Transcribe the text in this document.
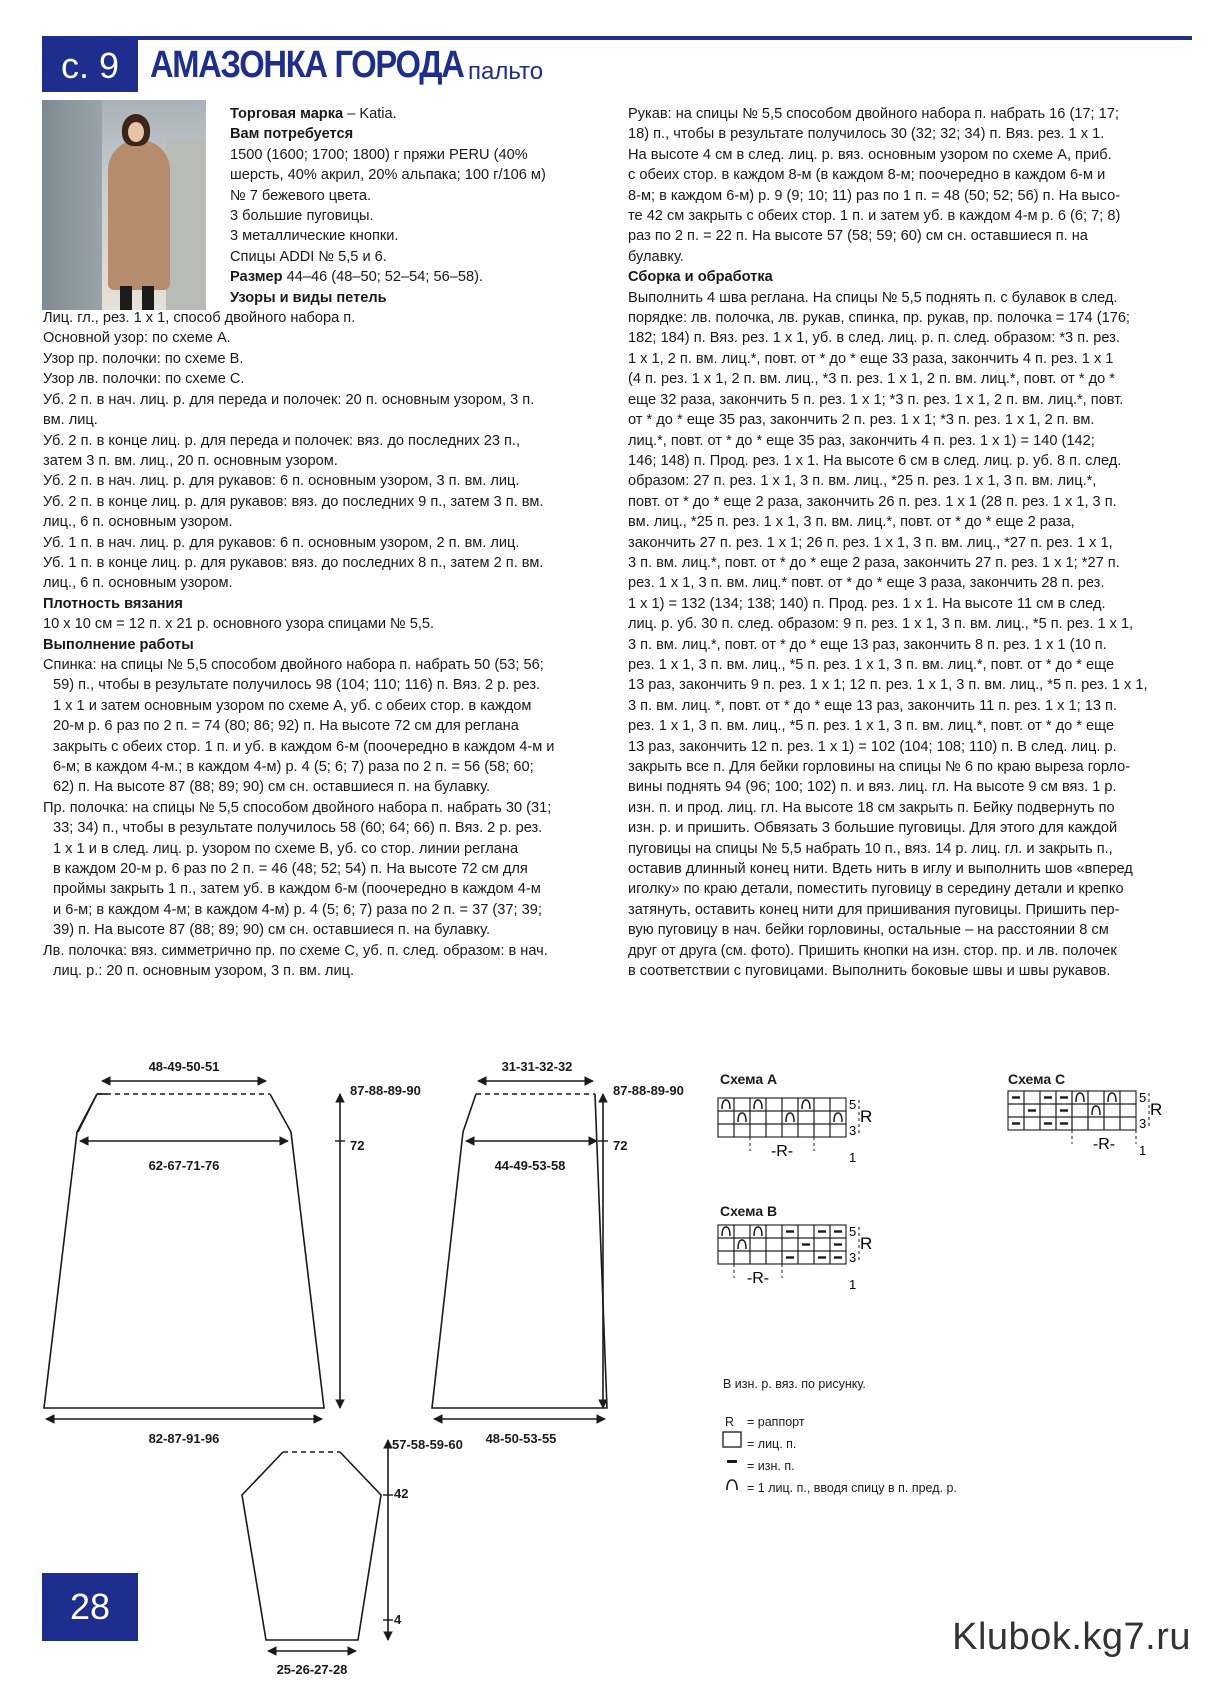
с. 9 АМАЗОНКА ГОРОДА пальто
Торговая марка – Katia.
Вам потребуется
1500 (1600; 1700; 1800) г пряжи PERU (40%
шерсть, 40% акрил, 20% альпака; 100 г/106 м)
№ 7 бежевого цвета.
3 большие пуговицы.
3 металлические кнопки.
Спицы ADDI № 5,5 и 6.
Размер 44–46 (48–50; 52–54; 56–58).
Узоры и виды петель
Лиц. гл., рез. 1 х 1, способ двойного набора п.
Основной узор: по схеме А.
Узор пр. полочки: по схеме B.
Узор лв. полочки: по схеме С.
Уб. 2 п. в нач. лиц. р. для переда и полочек: 20 п. основным узором, 3 п.
вм. лиц.
Уб. 2 п. в конце лиц. р. для переда и полочек: вяз. до последних 23 п.,
затем 3 п. вм. лиц., 20 п. основным узором.
Уб. 2 п. в нач. лиц. р. для рукавов: 6 п. основным узором, 3 п. вм. лиц.
Уб. 2 п. в конце лиц. р. для рукавов: вяз. до последних 9 п., затем 3 п. вм.
лиц., 6 п. основным узором.
Уб. 1 п. в нач. лиц. р. для рукавов: 6 п. основным узором, 2 п. вм. лиц.
Уб. 1 п. в конце лиц. р. для рукавов: вяз. до последних 8 п., затем 2 п. вм.
лиц., 6 п. основным узором.
Плотность вязания
10 х 10 см = 12 п. х 21 р. основного узора спицами № 5,5.
Выполнение работы
Спинка: на спицы № 5,5 способом двойного набора п. набрать 50 (53; 56;
59) п., чтобы в результате получилось 98 (104; 110; 116) п. Вяз. 2 р. рез.
1 х 1 и затем основным узором по схеме А, уб. с обеих стор. в каждом
20-м р. 6 раз по 2 п. = 74 (80; 86; 92) п. На высоте 72 см для реглана
закрыть с обеих стор. 1 п. и уб. в каждом 6-м (поочередно в каждом 4-м и
6-м; в каждом 4-м.; в каждом 4-м) р. 4 (5; 6; 7) раза по 2 п. = 56 (58; 60;
62) п. На высоте 87 (88; 89; 90) см сн. оставшиеся п. на булавку.
Пр. полочка: на спицы № 5,5 способом двойного набора п. набрать 30 (31;
33; 34) п., чтобы в результате получилось 58 (60; 64; 66) п. Вяз. 2 р. рез.
1 х 1 и в след. лиц. р. узором по схеме В, уб. со стор. линии реглана
в каждом 20-м р. 6 раз по 2 п. = 46 (48; 52; 54) п. На высоте 72 см для
проймы закрыть 1 п., затем уб. в каждом 6-м (поочередно в каждом 4-м
и 6-м; в каждом 4-м; в каждом 4-м) р. 4 (5; 6; 7) раза по 2 п. = 37 (37; 39;
39) п. На высоте 87 (88; 89; 90) см сн. оставшиеся п. на булавку.
Лв. полочка: вяз. симметрично пр. по схеме С, уб. п. след. образом: в нач.
лиц. р.: 20 п. основным узором, 3 п. вм. лиц.
Рукав: на спицы № 5,5 способом двойного набора п. набрать 16 (17; 17;
18) п., чтобы в результате получилось 30 (32; 32; 34) п. Вяз. рез. 1 х 1.
На высоте 4 см в след. лиц. р. вяз. основным узором по схеме А, приб.
с обеих стор. в каждом 8-м (в каждом 8-м; поочередно в каждом 6-м и
8-м; в каждом 6-м) р. 9 (9; 10; 11) раз по 1 п. = 48 (50; 52; 56) п. На высо-
те 42 см закрыть с обеих стор. 1 п. и затем уб. в каждом 4-м р. 6 (6; 7; 8)
раз по 2 п. = 22 п. На высоте 57 (58; 59; 60) см сн. оставшиеся п. на
булавку.
Сборка и обработка
Выполнить 4 шва реглана. На спицы № 5,5 поднять п. с булавок в след.
порядке: лв. полочка, лв. рукав, спинка, пр. рукав, пр. полочка = 174 (176;
182; 184) п. Вяз. рез. 1 х 1, уб. в след. лиц. р. п. след. образом: *3 п. рез.
1 х 1, 2 п. вм. лиц.*, повт. от * до * еще 33 раза, закончить 4 п. рез. 1 х 1
(4 п. рез. 1 х 1, 2 п. вм. лиц., *3 п. рез. 1 х 1, 2 п. вм. лиц.*, повт. от * до *
еще 32 раза, закончить 5 п. рез. 1 х 1; *3 п. рез. 1 х 1, 2 п. вм. лиц.*, повт.
от * до * еще 35 раз, закончить 2 п. рез. 1 х 1; *3 п. рез. 1 х 1, 2 п. вм.
лиц.*, повт. от * до * еще 35 раз, закончить 4 п. рез. 1 х 1) = 140 (142;
146; 148) п. Прод. рез. 1 х 1. На высоте 6 см в след. лиц. р. уб. 8 п. след.
образом: 27 п. рез. 1 х 1, 3 п. вм. лиц., *25 п. рез. 1 х 1, 3 п. вм. лиц.*,
повт. от * до * еще 2 раза, закончить 26 п. рез. 1 х 1 (28 п. рез. 1 х 1, 3 п.
вм. лиц., *25 п. рез. 1 х 1, 3 п. вм. лиц.*, повт. от * до * еще 2 раза,
закончить 27 п. рез. 1 х 1; 26 п. рез. 1 х 1, 3 п. вм. лиц., *27 п. рез. 1 х 1,
3 п. вм. лиц.*, повт. от * до * еще 2 раза, закончить 27 п. рез. 1 х 1; *27 п.
рез. 1 х 1, 3 п. вм. лиц.* повт. от * до * еще 3 раза, закончить 28 п. рез.
1 х 1) = 132 (134; 138; 140) п. Прод. рез. 1 х 1. На высоте 11 см в след.
лиц. р. уб. 30 п. след. образом: 9 п. рез. 1 х 1, 3 п. вм. лиц., *5 п. рез. 1 х 1,
3 п. вм. лиц.*, повт. от * до * еще 13 раз, закончить 8 п. рез. 1 х 1 (10 п.
рез. 1 х 1, 3 п. вм. лиц., *5 п. рез. 1 х 1, 3 п. вм. лиц.*, повт. от * до * еще
13 раз, закончить 9 п. рез. 1 х 1; 12 п. рез. 1 х 1, 3 п. вм. лиц., *5 п. рез. 1 х 1,
3 п. вм. лиц. *, повт. от * до * еще 13 раз, закончить 11 п. рез. 1 х 1; 13 п.
рез. 1 х 1, 3 п. вм. лиц., *5 п. рез. 1 х 1, 3 п. вм. лиц.*, повт. от * до * еще
13 раз, закончить 12 п. рез. 1 х 1) = 102 (104; 108; 110) п. В след. лиц. р.
закрыть все п. Для бейки горловины на спицы № 6 по краю выреза горло-
вины поднять 94 (96; 100; 102) п. и вяз. лиц. гл. На высоте 9 см вяз. 1 р.
изн. п. и прод. лиц. гл. На высоте 18 см закрыть п. Бейку подвернуть по
изн. р. и пришить. Обвязать 3 большие пуговицы. Для этого для каждой
пуговицы на спицы № 5,5 набрать 10 п., вяз. 14 р. лиц. гл. и закрыть п.,
оставив длинный конец нити. Вдеть нить в иглу и выполнить шов «вперед
иголку» по краю детали, поместить пуговицу в середину детали и крепко
затянуть, оставить конец нити для пришивания пуговицы. Пришить пер-
вую пуговицу в нач. бейки горловины, остальные – на расстоянии 8 см
друг от друга (см. фото). Пришить кнопки на изн. стор. пр. и лв. полочек
в соответствии с пуговицами. Выполнить боковые швы и швы рукавов.
48-49-50-51
62-67-71-76
82-87-91-96
87-88-89-90
72
31-31-32-32
44-49-53-58
48-50-53-55
87-88-89-90
72
57-58-59-60
42
4
25-26-27-28
Схема А
5
3
1
R
-R-
Схема С
5
3
1
R
-R-
Схема В
5
3
1
R
-R-
В изн. р. вяз. по рисунку.
R = раппорт
= лиц. п.
= изн. п.
= 1 лиц. п., вводя спицу в п. пред. р.
28
Klubok.kg7.ru
